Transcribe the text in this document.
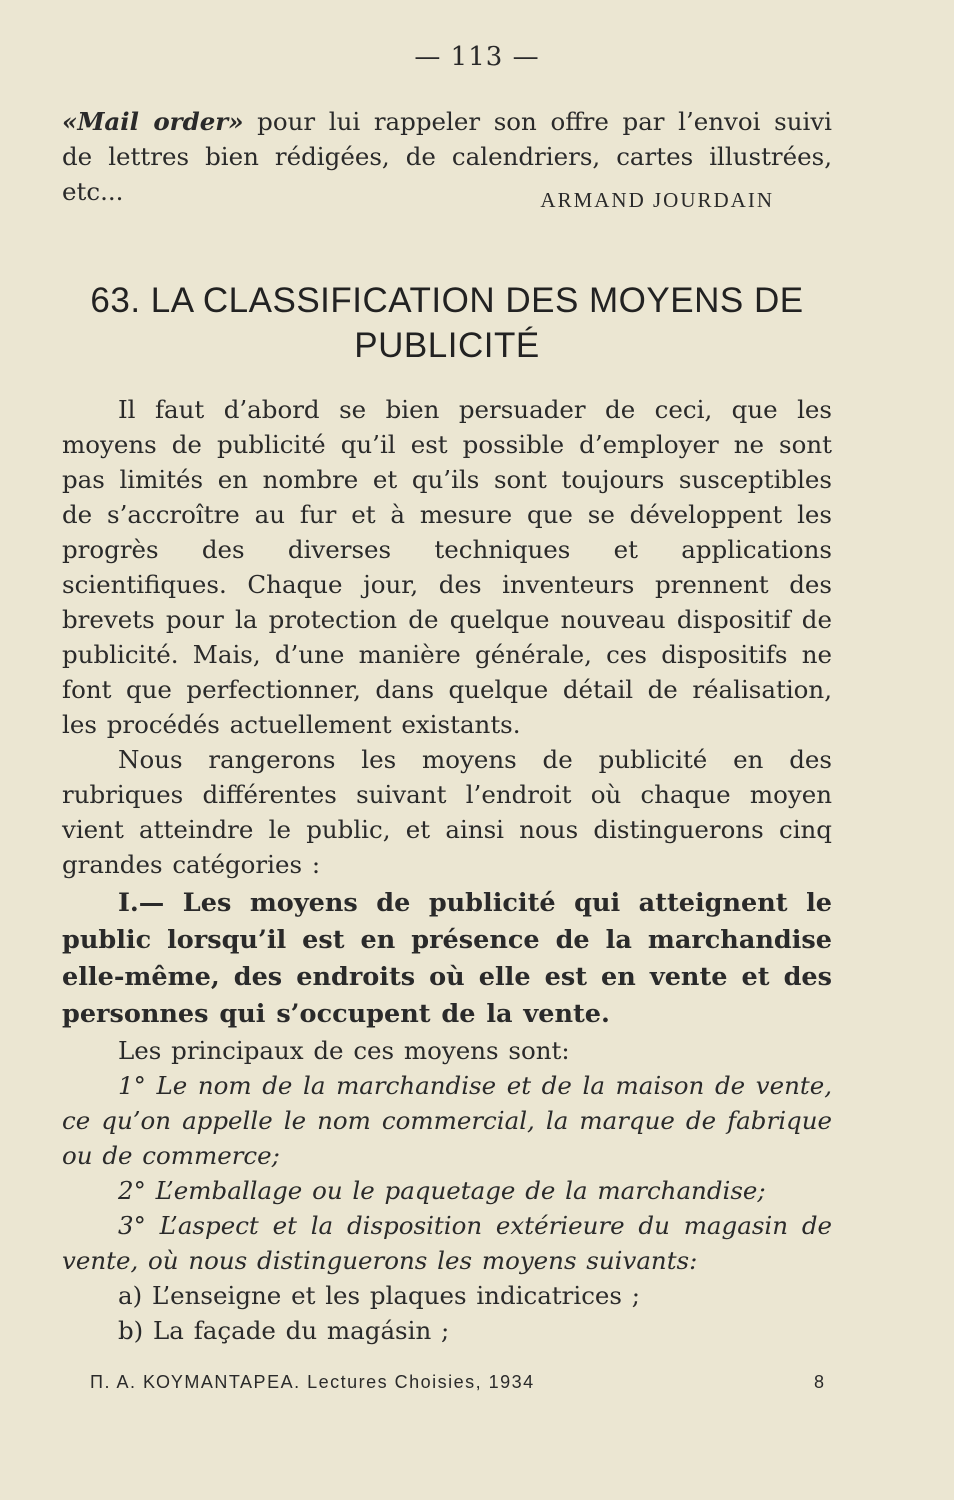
— 113 —
«Mail order» pour lui rappeler son offre par l’envoi suivi de lettres bien rédigées, de calendriers, cartes illustrées, etc...	ARMAND JOURDAIN
63. LA CLASSIFICATION DES MOYENS DE PUBLICITÉ

Il faut d’abord se bien persuader de ceci, que les moyens de publicité qu’il est possible d’employer ne sont pas limités en nombre et qu’ils sont toujours susceptibles de s’accroître au fur et à mesure que se développent les progrès des diverses techniques et applications scientifiques. Chaque jour, des inventeurs prennent des brevets pour la protection de quelque nouveau dispositif de publicité. Mais, d’une manière générale, ces dispositifs ne font que perfectionner, dans quelque détail de réalisation, les procédés actuellement existants.

Nous rangerons les moyens de publicité en des rubriques différentes suivant l’endroit où chaque moyen vient atteindre le public, et ainsi nous distinguerons cinq grandes catégories :

I.— Les moyens de publicité qui atteignent le public lorsqu’il est en présence de la marchandise elle-même, des endroits où elle est en vente et des personnes qui s’occupent de la vente.

Les principaux de ces moyens sont:

1° Le nom de la marchandise et de la maison de vente, ce qu’on appelle le nom commercial, la marque de fabrique ou de commerce;

2° L’emballage ou le paquetage de la marchandise;

3° L’aspect et la disposition extérieure du magasin de vente, où nous distinguerons les moyens suivants:

a) L’enseigne et les plaques indicatrices ;

b) La façade du magásin ;

Π. Α. ΚΟΥΜΑΝΤΑΡΕΑ. Lectures Choisies, 1934	8
